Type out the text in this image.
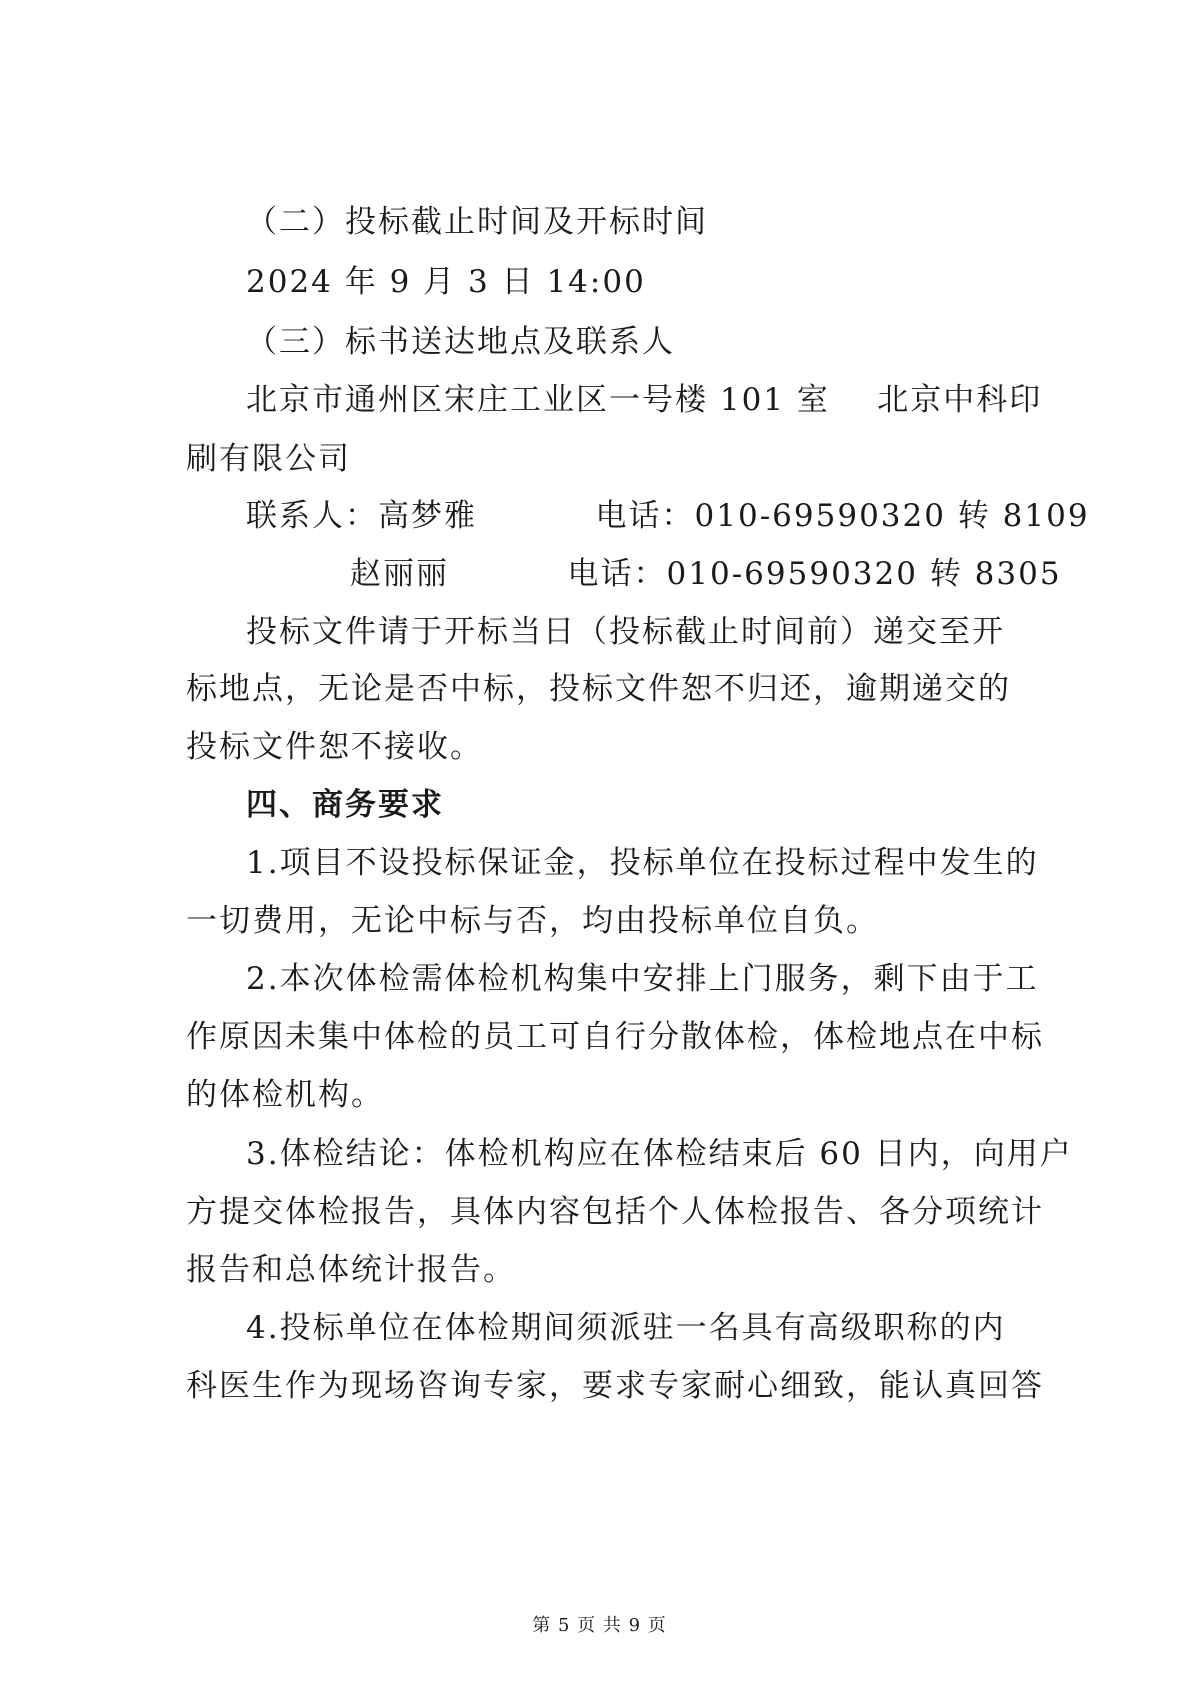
（二）投标截止时间及开标时间
2024 年 9 月 3 日 14:00
（三）标书送达地点及联系人
北京市通州区宋庄工业区一号楼 101 室    北京中科印
刷有限公司
联系人：高梦雅          电话：010-69590320 转 8109
赵丽丽          电话：010-69590320 转 8305
投标文件请于开标当日（投标截止时间前）递交至开
标地点，无论是否中标，投标文件恕不归还，逾期递交的
投标文件恕不接收。
四、商务要求
1.项目不设投标保证金，投标单位在投标过程中发生的
一切费用，无论中标与否，均由投标单位自负。
2.本次体检需体检机构集中安排上门服务，剩下由于工
作原因未集中体检的员工可自行分散体检，体检地点在中标
的体检机构。
3.体检结论：体检机构应在体检结束后 60 日内，向用户
方提交体检报告，具体内容包括个人体检报告、各分项统计
报告和总体统计报告。
4.投标单位在体检期间须派驻一名具有高级职称的内
科医生作为现场咨询专家，要求专家耐心细致，能认真回答
第 5 页 共 9 页
